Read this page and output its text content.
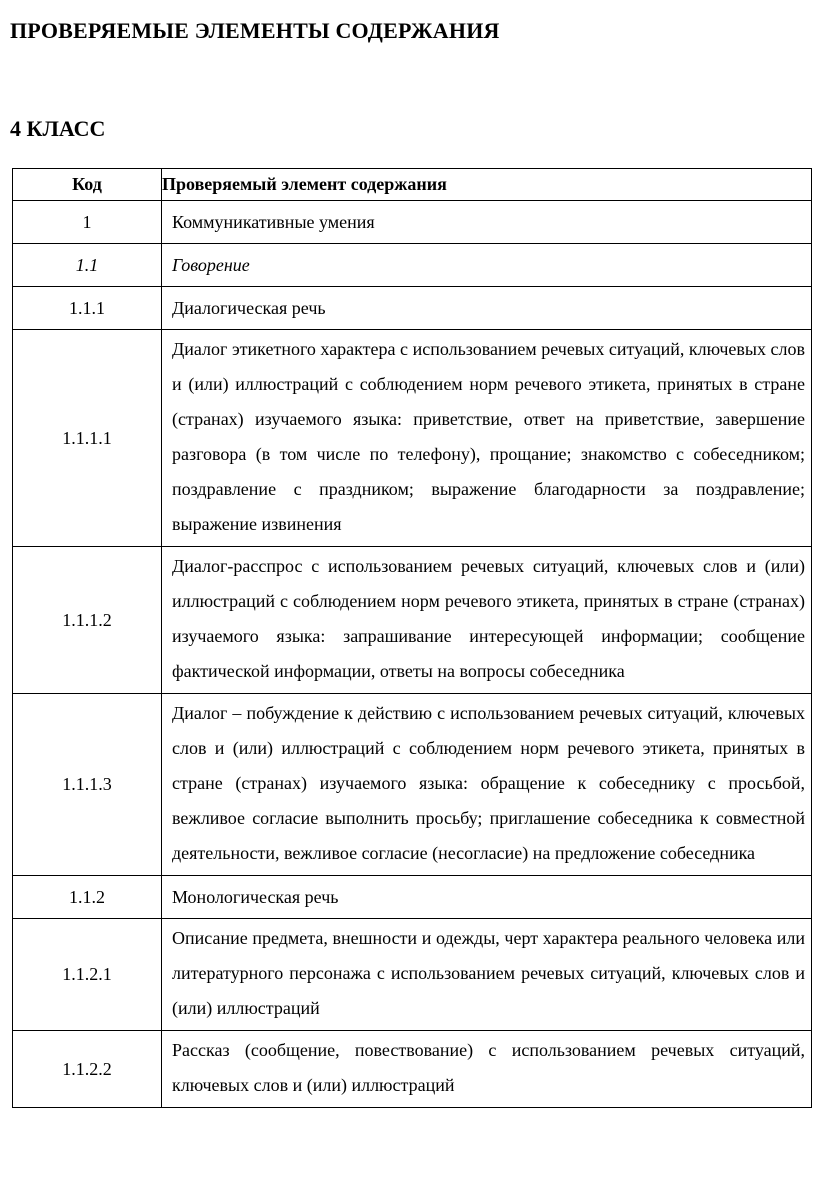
ПРОВЕРЯЕМЫЕ ЭЛЕМЕНТЫ СОДЕРЖАНИЯ
4 КЛАСС
Код	Проверяемый элемент содержания
1	Коммуникативные умения
1.1	Говорение
1.1.1	Диалогическая речь
1.1.1.1	Диалог этикетного характера с использованием речевых ситуаций, ключевых слов и (или) иллюстраций с соблюдением норм речевого этикета, принятых в стране (странах) изучаемого языка: приветствие, ответ на приветствие, завершение разговора (в том числе по телефону), прощание; знакомство с собеседником; поздравление с праздником; выражение благодарности за поздравление; выражение извинения
1.1.1.2	Диалог-расспрос с использованием речевых ситуаций, ключевых слов и (или) иллюстраций с соблюдением норм речевого этикета, принятых в стране (странах) изучаемого языка: запрашивание интересующей информации; сообщение фактической информации, ответы на вопросы собеседника
1.1.1.3	Диалог – побуждение к действию с использованием речевых ситуаций, ключевых слов и (или) иллюстраций с соблюдением норм речевого этикета, принятых в стране (странах) изучаемого языка: обращение к собеседнику с просьбой, вежливое согласие выполнить просьбу; приглашение собеседника к совместной деятельности, вежливое согласие (несогласие) на предложение собеседника
1.1.2	Монологическая речь
1.1.2.1	Описание предмета, внешности и одежды, черт характера реального человека или литературного персонажа с использованием речевых ситуаций, ключевых слов и (или) иллюстраций
1.1.2.2	Рассказ (сообщение, повествование) с использованием речевых ситуаций, ключевых слов и (или) иллюстраций
